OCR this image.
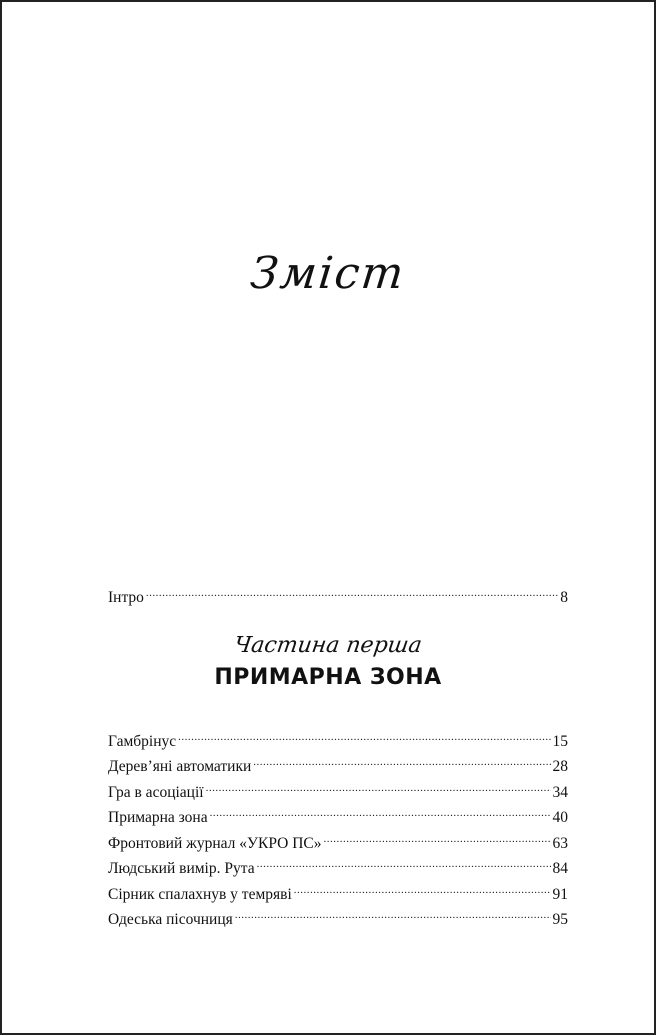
Зміст
Інтро .....	8
Частина перша
ПРИМАРНА ЗОНА
Гамбрінус .....	15
Дерев’яні автоматики .....	28
Гра в асоціації .....	34
Примарна зона .....	40
Фронтовий журнал «УКРО ПС» .....	63
Людський вимір. Рута .....	84
Сірник спалахнув у темряві .....	91
Одеська пісочниця .....	95
